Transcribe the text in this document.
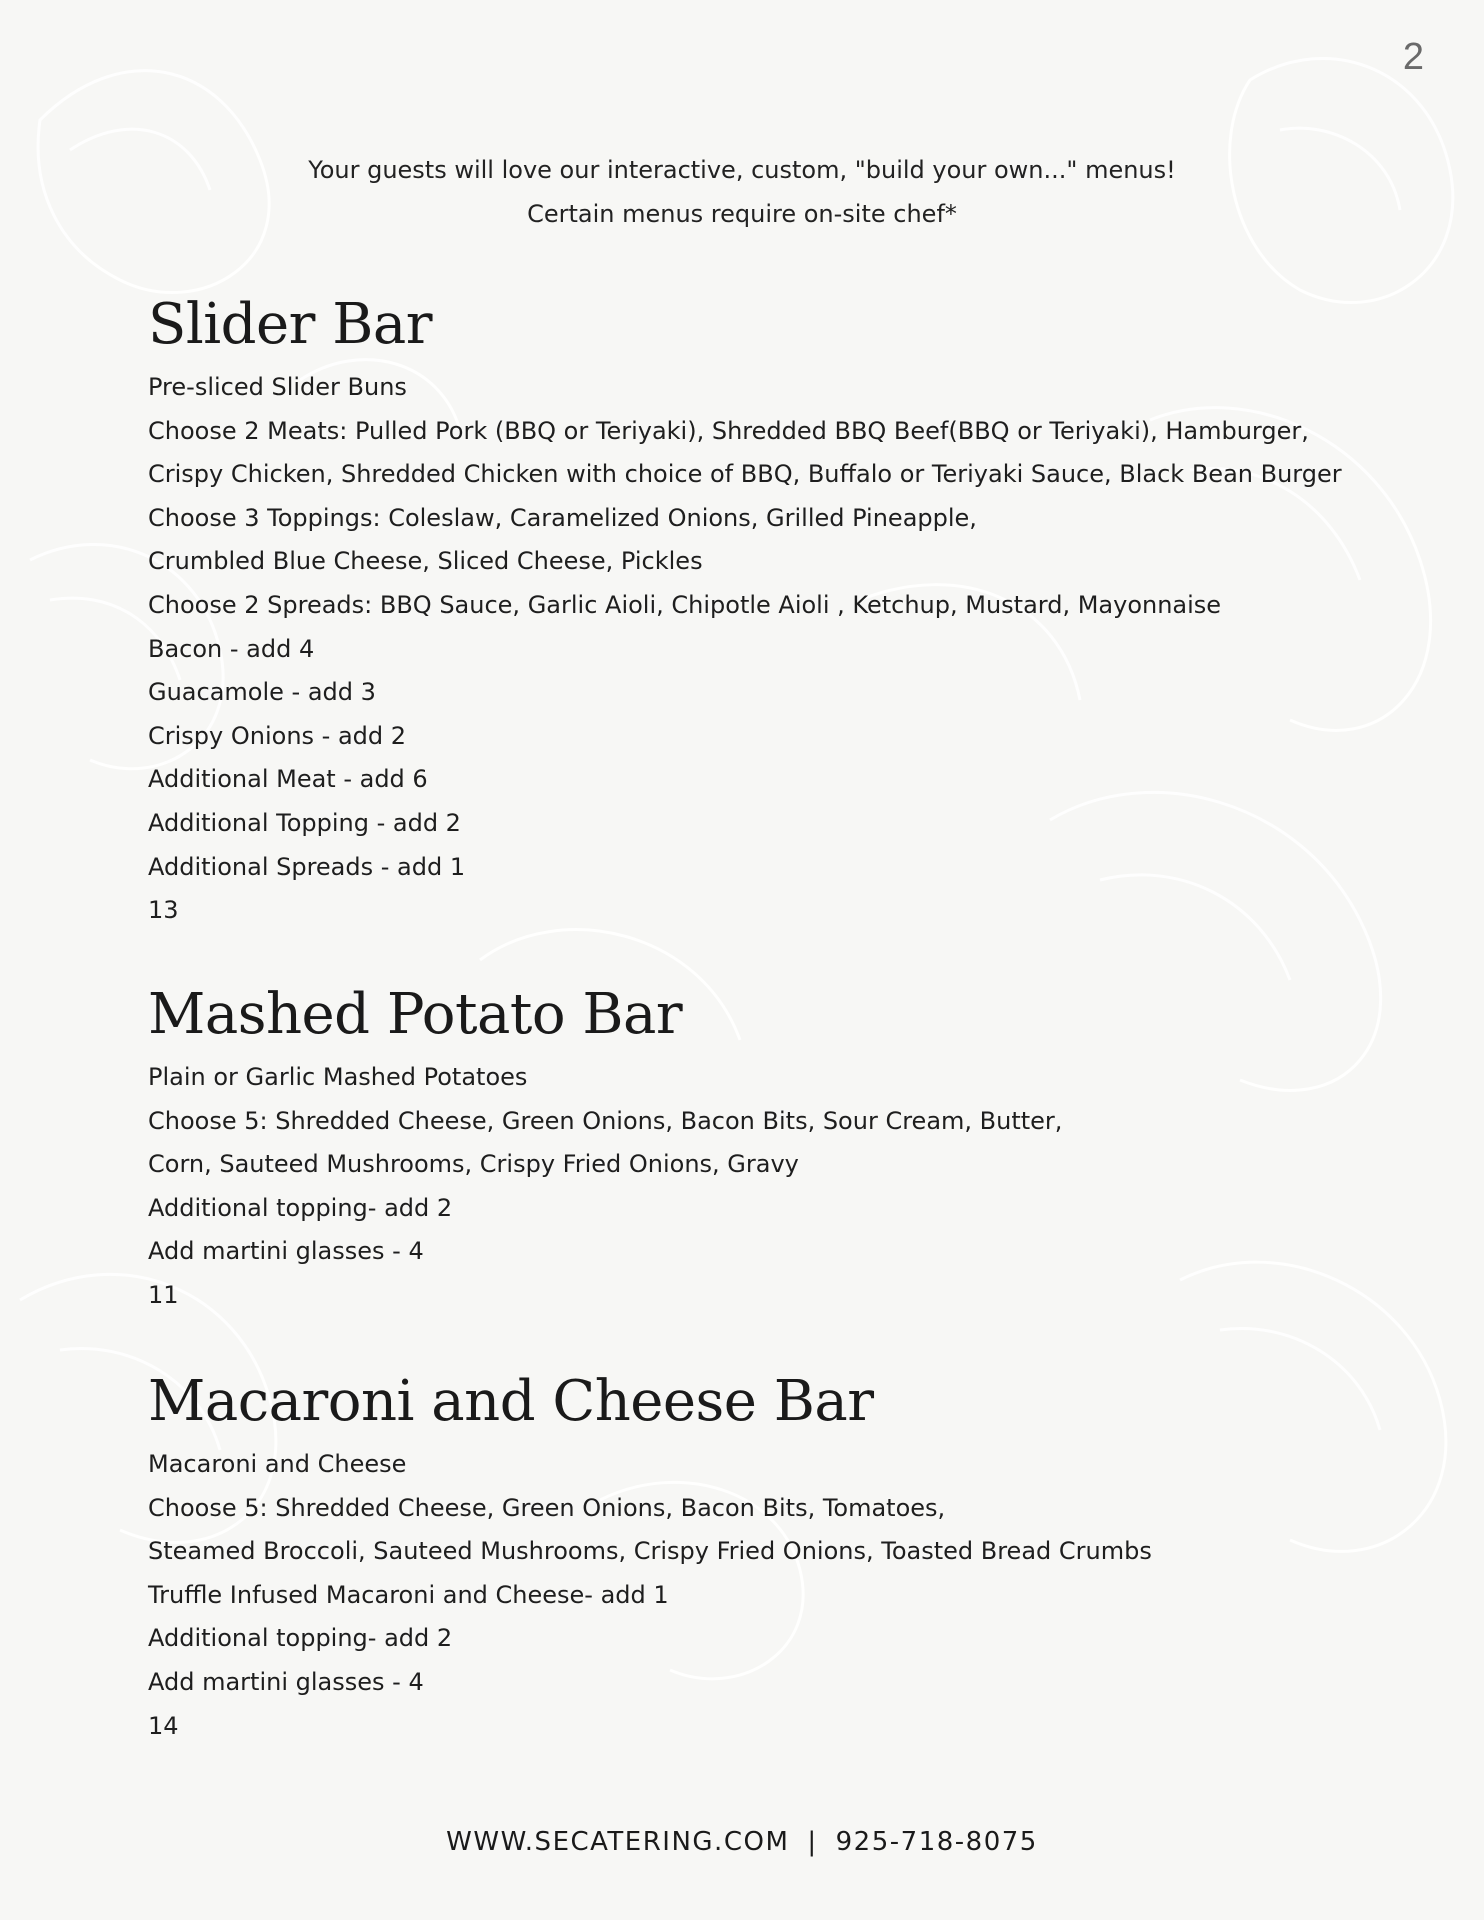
2
Your guests will love our interactive, custom, "build your own..." menus!
Certain menus require on-site chef*
Slider Bar
Pre-sliced Slider Buns
Choose 2 Meats: Pulled Pork (BBQ or Teriyaki), Shredded BBQ Beef(BBQ or Teriyaki), Hamburger,
Crispy Chicken, Shredded Chicken with choice of BBQ, Buffalo or Teriyaki Sauce, Black Bean Burger
Choose 3 Toppings: Coleslaw, Caramelized Onions, Grilled Pineapple,
Crumbled Blue Cheese, Sliced Cheese, Pickles
Choose 2 Spreads: BBQ Sauce, Garlic Aioli, Chipotle Aioli , Ketchup, Mustard, Mayonnaise
Bacon - add 4
Guacamole - add 3
Crispy Onions - add 2
Additional Meat - add 6
Additional Topping - add 2
Additional Spreads - add 1
13
Mashed Potato Bar
Plain or Garlic Mashed Potatoes
Choose 5: Shredded Cheese, Green Onions, Bacon Bits, Sour Cream, Butter,
Corn, Sauteed Mushrooms, Crispy Fried Onions, Gravy
Additional topping- add 2
Add martini glasses - 4
11
Macaroni and Cheese Bar
Macaroni and Cheese
Choose 5: Shredded Cheese, Green Onions, Bacon Bits, Tomatoes,
Steamed Broccoli, Sauteed Mushrooms, Crispy Fried Onions, Toasted Bread Crumbs
Truffle Infused Macaroni and Cheese- add 1
Additional topping- add 2
Add martini glasses - 4
14
WWW.SECATERING.COM | 925-718-8075
